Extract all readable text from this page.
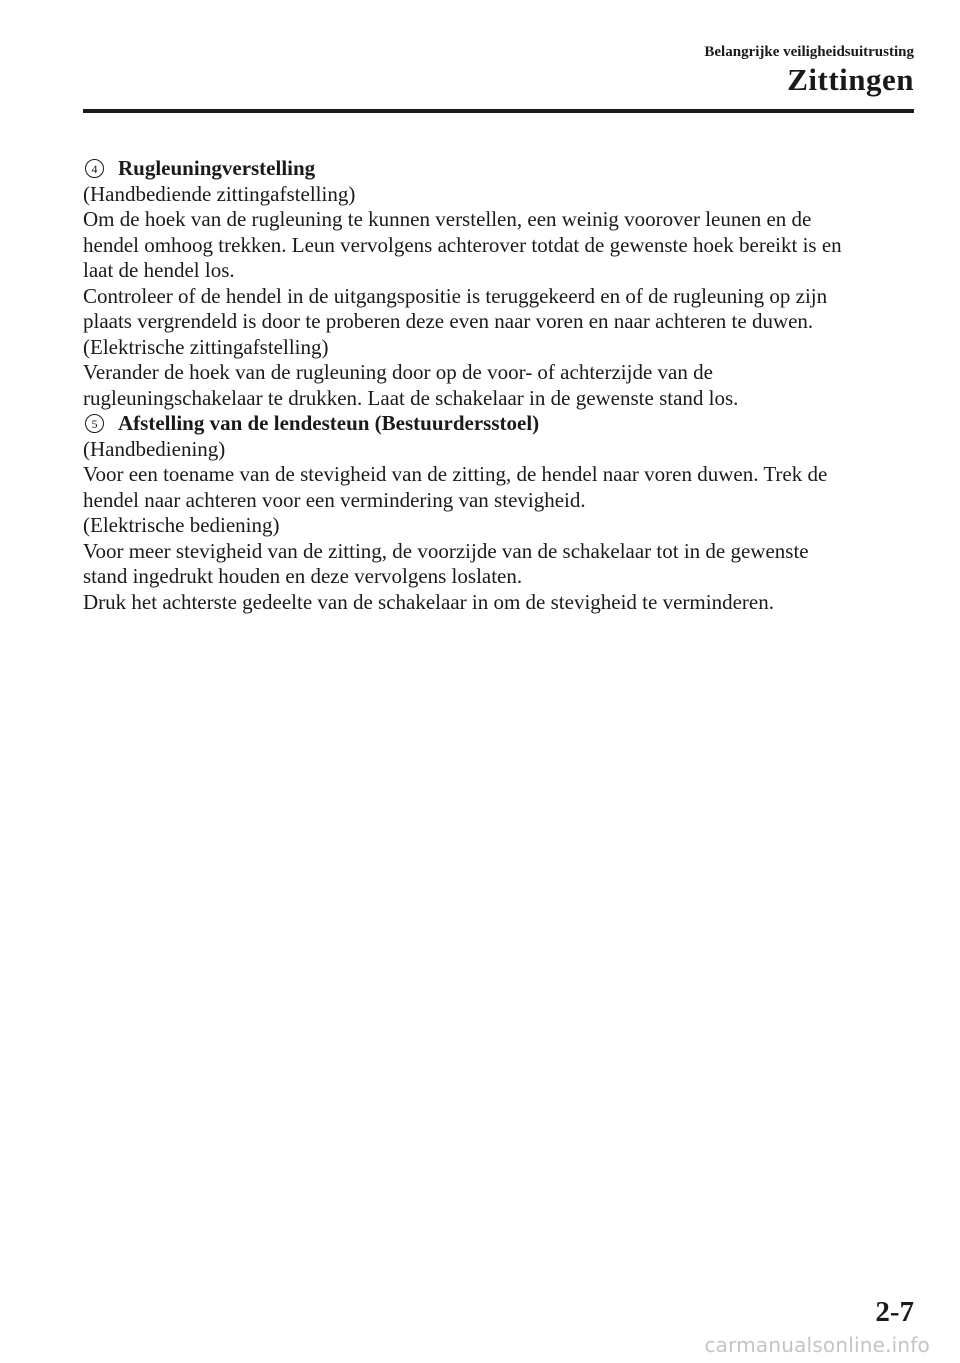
Belangrijke veiligheidsuitrusting
Zittingen
4 Rugleuningverstelling

(Handbediende zittingafstelling)

Om de hoek van de rugleuning te kunnen verstellen, een weinig voorover leunen en de

hendel omhoog trekken. Leun vervolgens achterover totdat de gewenste hoek bereikt is en

laat de hendel los.

Controleer of de hendel in de uitgangspositie is teruggekeerd en of de rugleuning op zijn

plaats vergrendeld is door te proberen deze even naar voren en naar achteren te duwen.

(Elektrische zittingafstelling)

Verander de hoek van de rugleuning door op de voor- of achterzijde van de

rugleuningschakelaar te drukken. Laat de schakelaar in de gewenste stand los.

5 Afstelling van de lendesteun (Bestuurdersstoel)

(Handbediening)

Voor een toename van de stevigheid van de zitting, de hendel naar voren duwen. Trek de

hendel naar achteren voor een vermindering van stevigheid.

(Elektrische bediening)

Voor meer stevigheid van de zitting, de voorzijde van de schakelaar tot in de gewenste

stand ingedrukt houden en deze vervolgens loslaten.

Druk het achterste gedeelte van de schakelaar in om de stevigheid te verminderen.

2-7
carmanualsonline.info
